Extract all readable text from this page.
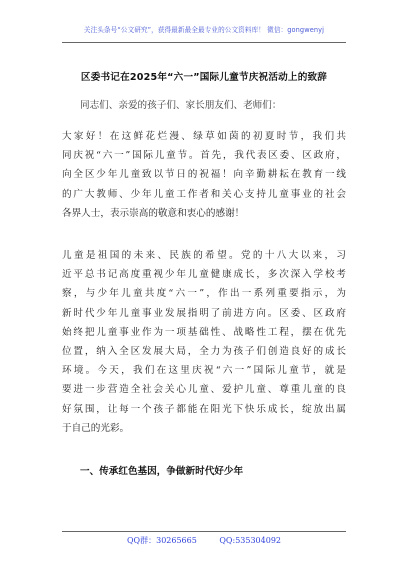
关注头条号“公文研究”，获得最新最全最专业的公文资料库！ 微信：gongwenyj
区委书记在2025年“六一”国际儿童节庆祝活动上的致辞
同志们、亲爱的孩子们、家长朋友们、老师们：
大家好！在这鲜花烂漫、绿草如茵的初夏时节，我们共
同庆祝“六一”国际儿童节。首先，我代表区委、区政府，
向全区少年儿童致以节日的祝福！向辛勤耕耘在教育一线
的广大教师、少年儿童工作者和关心支持儿童事业的社会
各界人士，表示崇高的敬意和衷心的感谢！
儿童是祖国的未来、民族的希望。党的十八大以来，习
近平总书记高度重视少年儿童健康成长，多次深入学校考
察，与少年儿童共度“六一”，作出一系列重要指示，为
新时代少年儿童事业发展指明了前进方向。区委、区政府
始终把儿童事业作为一项基础性、战略性工程，摆在优先
位置，纳入全区发展大局，全力为孩子们创造良好的成长
环境。今天，我们在这里庆祝“六一”国际儿童节，就是
要进一步营造全社会关心儿童、爱护儿童、尊重儿童的良
好氛围，让每一个孩子都能在阳光下快乐成长，绽放出属
于自己的光彩。
一、传承红色基因，争做新时代好少年
QQ群：30265665	QQ:535304092
